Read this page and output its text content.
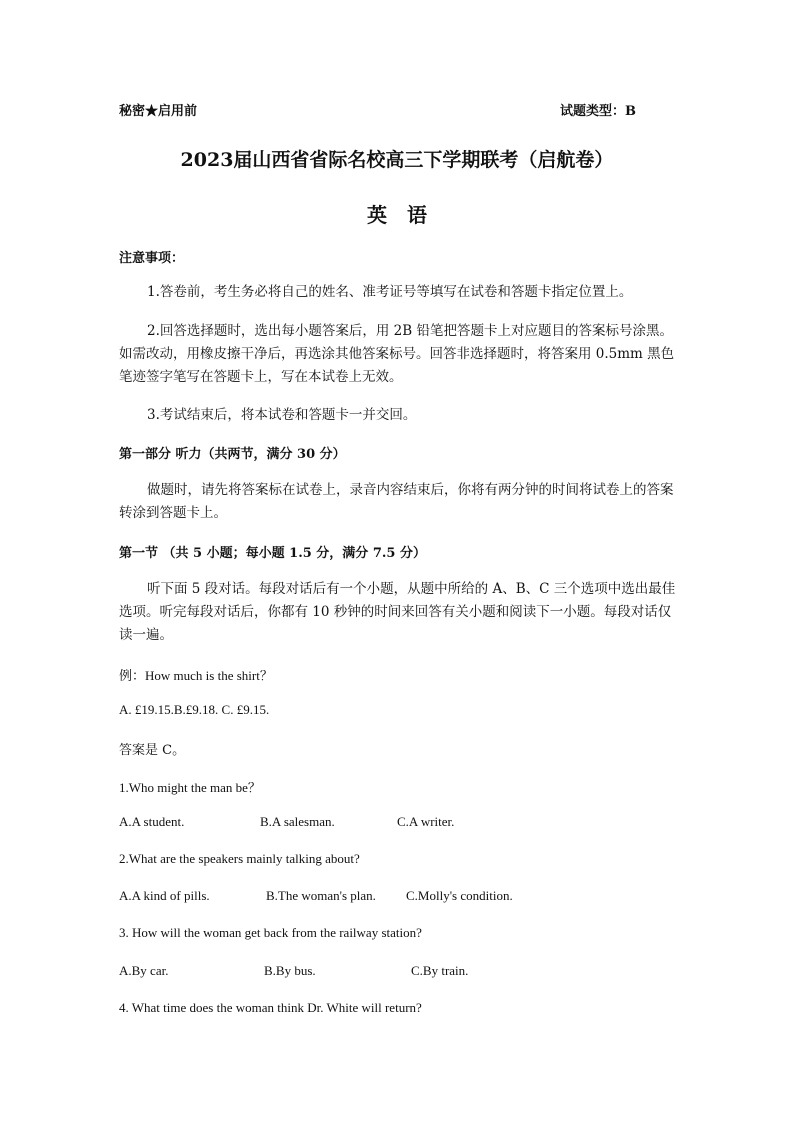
秘密★启用前	试题类型：B
2023届山西省省际名校高三下学期联考（启航卷）
英　语
注意事项：
1.答卷前，考生务必将自己的姓名、准考证号等填写在试卷和答题卡指定位置上。
2.回答选择题时，选出每小题答案后，用 2B 铅笔把答题卡上对应题目的答案标号涂黑。如需改动，用橡皮擦干净后，再选涂其他答案标号。回答非选择题时，将答案用 0.5mm 黑色笔迹签字笔写在答题卡上，写在本试卷上无效。
3.考试结束后，将本试卷和答题卡一并交回。
第一部分 听力（共两节，满分 30 分）
做题时，请先将答案标在试卷上，录音内容结束后，你将有两分钟的时间将试卷上的答案转涂到答题卡上。
第一节 （共 5 小题；每小题 1.5 分，满分 7.5 分）
听下面 5 段对话。每段对话后有一个小题，从题中所给的 A、B、C 三个选项中选出最佳选项。听完每段对话后，你都有 10 秒钟的时间来回答有关小题和阅读下一小题。每段对话仅读一遍。
例：How much is the shirt？
A. £19.15.B.£9.18. C. £9.15.
答案是 C。
1.Who might the man be？
A.A student.	B.A salesman.	C.A writer.
2.What are the speakers mainly talking about?
A.A kind of pills.	B.The woman's plan. C.Molly's condition.
3. How will the woman get back from the railway station?
A.By car.	B.By bus.	C.By train.
4. What time does the woman think Dr. White will return?
